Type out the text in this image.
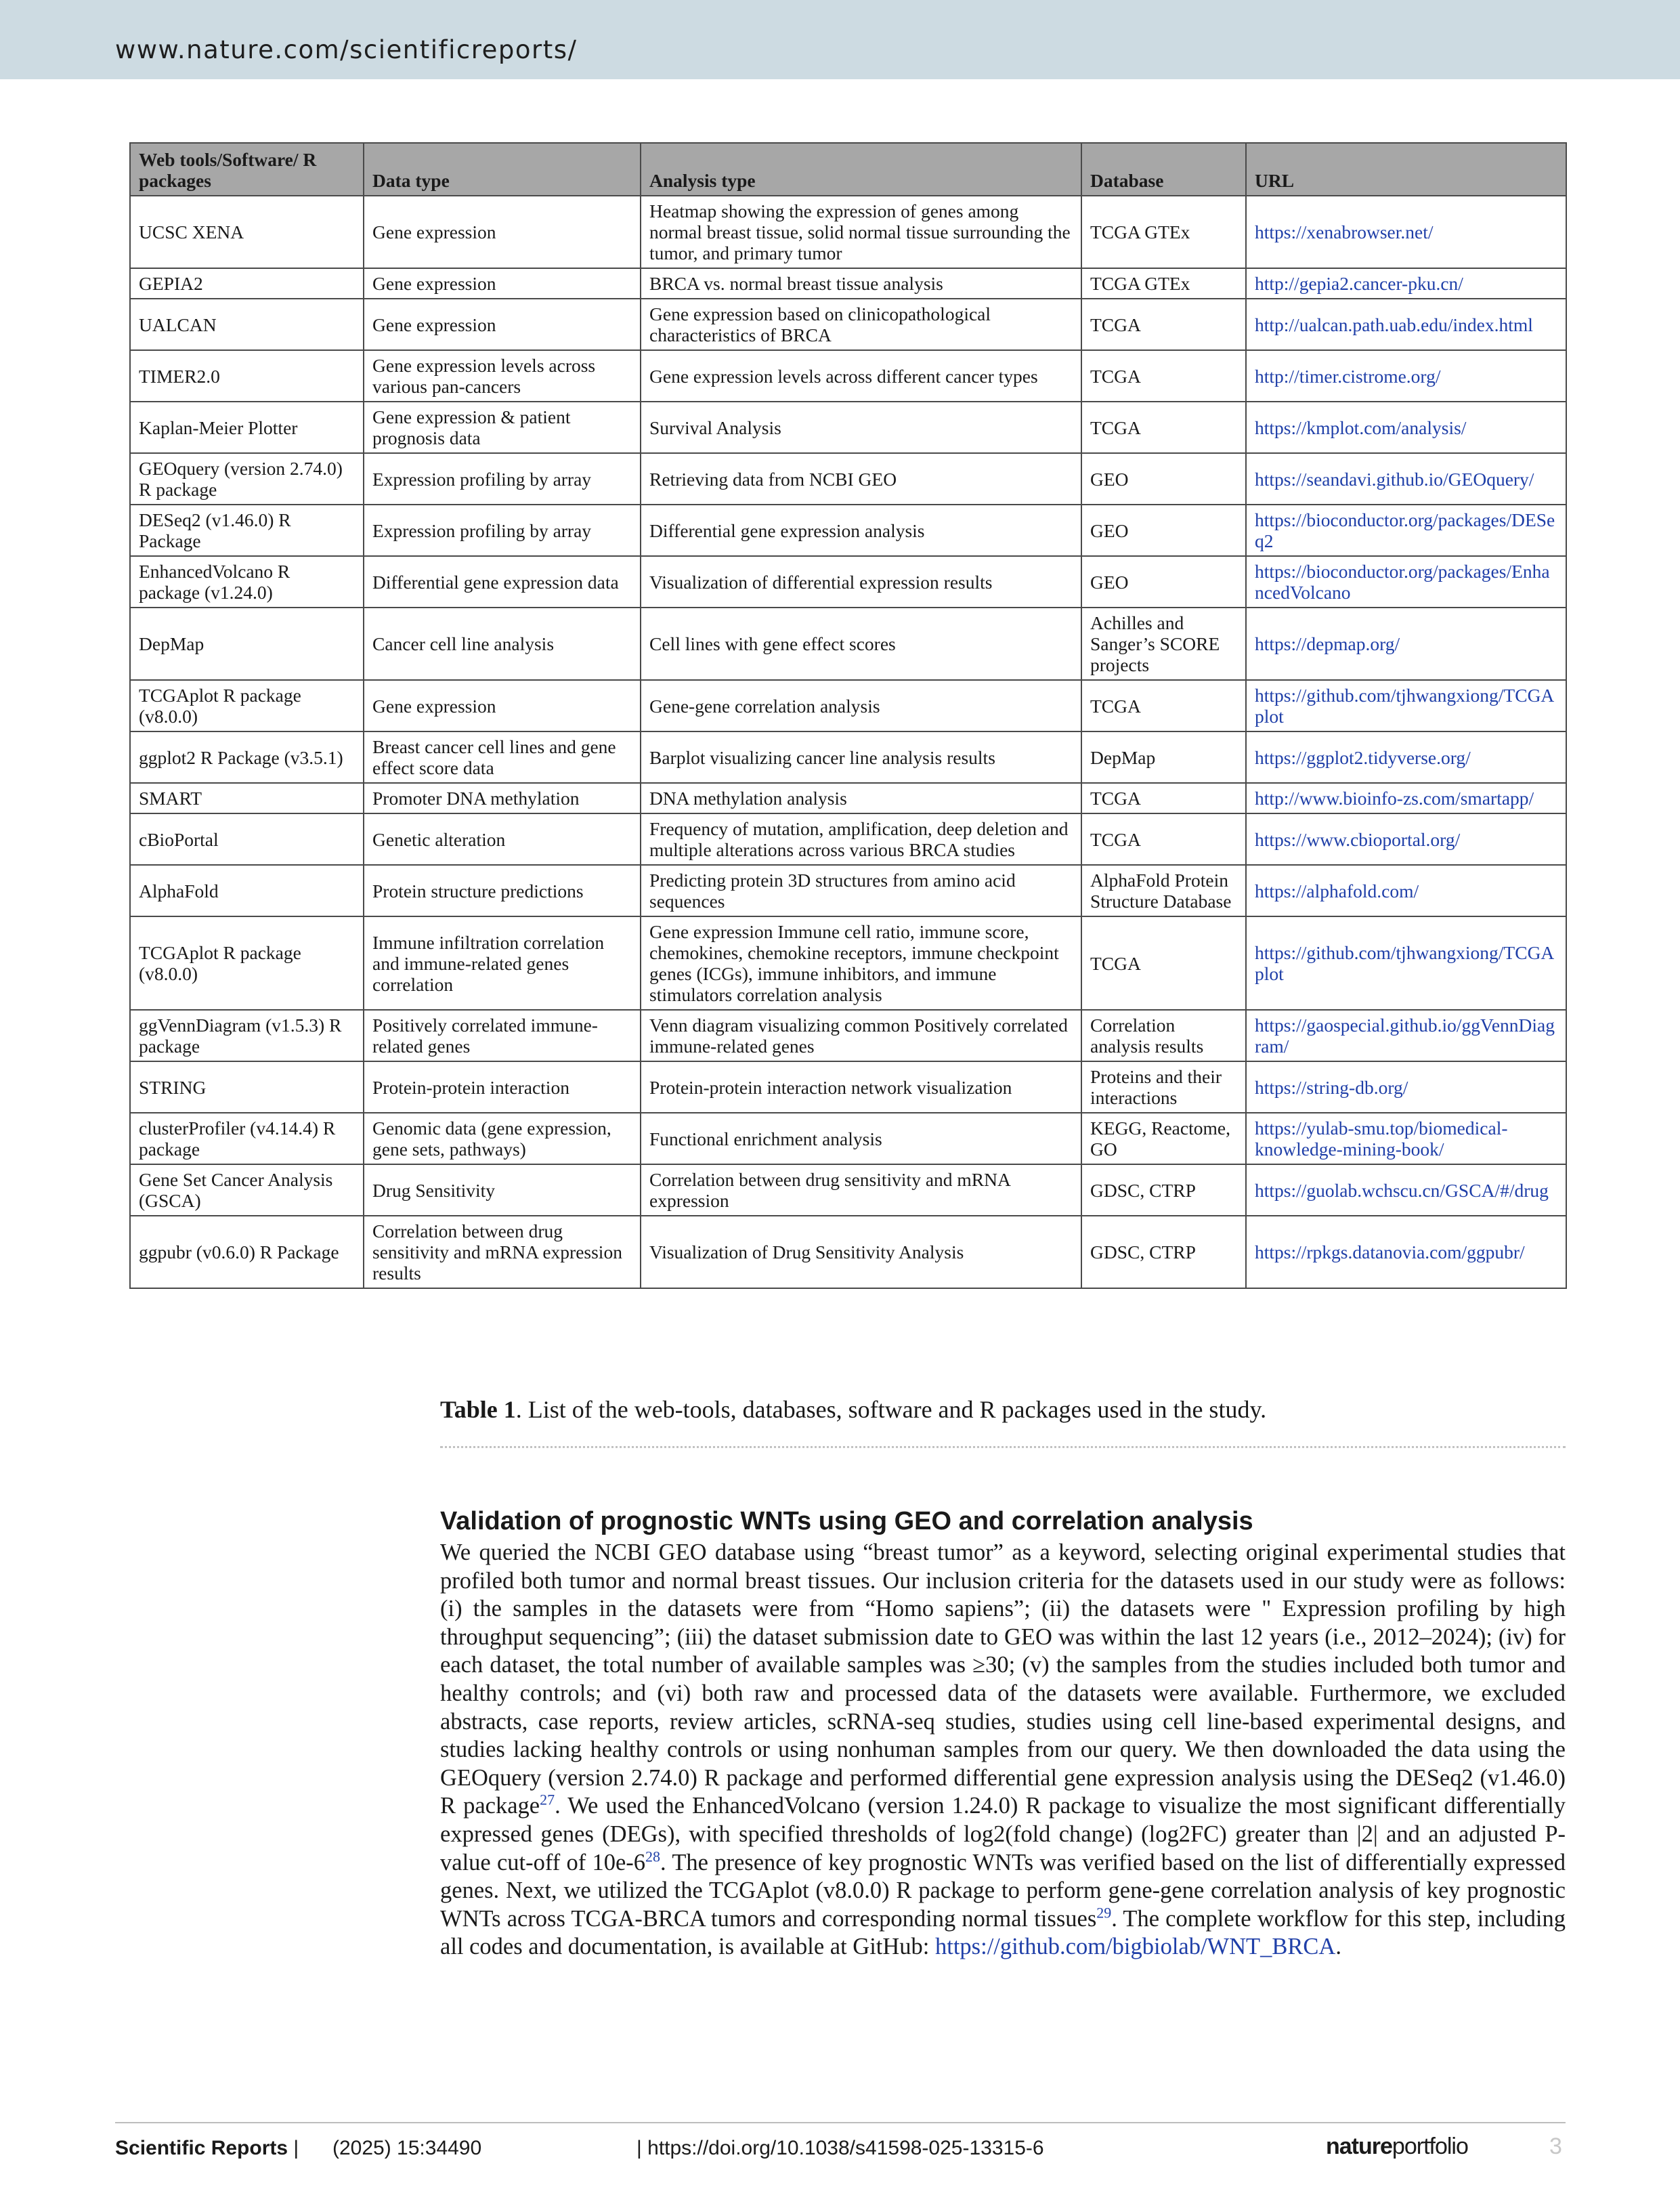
www.nature.com/scientificreports/
Web tools/Software/ R packages	Data type	Analysis type	Database	URL
UCSC XENA	Gene expression	Heatmap showing the expression of genes among normal breast tissue, solid normal tissue surrounding the tumor, and primary tumor	TCGA GTEx	https://xenabrowser.net/
GEPIA2	Gene expression	BRCA vs. normal breast tissue analysis	TCGA GTEx	http://gepia2.cancer-pku.cn/
UALCAN	Gene expression	Gene expression based on clinicopathological characteristics of BRCA	TCGA	http://ualcan.path.uab.edu/index.html
TIMER2.0	Gene expression levels across various pan-cancers	Gene expression levels across different cancer types	TCGA	http://timer.cistrome.org/
Kaplan-Meier Plotter	Gene expression & patient prognosis data	Survival Analysis	TCGA	https://kmplot.com/analysis/
GEOquery (version 2.74.0) R package	Expression profiling by array	Retrieving data from NCBI GEO	GEO	https://seandavi.github.io/GEOquery/
DESeq2 (v1.46.0) R Package	Expression profiling by array	Differential gene expression analysis	GEO	https://bioconductor.org/packages/DESeq2
EnhancedVolcano R package (v1.24.0)	Differential gene expression data	Visualization of differential expression results	GEO	https://bioconductor.org/packages/EnhancedVolcano
DepMap	Cancer cell line analysis	Cell lines with gene effect scores	Achilles and Sanger’s SCORE projects	https://depmap.org/
TCGAplot R package (v8.0.0)	Gene expression	Gene-gene correlation analysis	TCGA	https://github.com/tjhwangxiong/TCGAplot
ggplot2 R Package (v3.5.1)	Breast cancer cell lines and gene effect score data	Barplot visualizing cancer line analysis results	DepMap	https://ggplot2.tidyverse.org/
SMART	Promoter DNA methylation	DNA methylation analysis	TCGA	http://www.bioinfo-zs.com/smartapp/
cBioPortal	Genetic alteration	Frequency of mutation, amplification, deep deletion and multiple alterations across various BRCA studies	TCGA	https://www.cbioportal.org/
AlphaFold	Protein structure predictions	Predicting protein 3D structures from amino acid sequences	AlphaFold Protein Structure Database	https://alphafold.com/
TCGAplot R package (v8.0.0)	Immune infiltration correlation and immune-related genes correlation	Gene expression Immune cell ratio, immune score, chemokines, chemokine receptors, immune checkpoint genes (ICGs), immune inhibitors, and immune stimulators correlation analysis	TCGA	https://github.com/tjhwangxiong/TCGAplot
ggVennDiagram (v1.5.3) R package	Positively correlated immune-related genes	Venn diagram visualizing common Positively correlated immune-related genes	Correlation analysis results	https://gaospecial.github.io/ggVennDiagram/
STRING	Protein-protein interaction	Protein-protein interaction network visualization	Proteins and their interactions	https://string-db.org/
clusterProfiler (v4.14.4) R package	Genomic data (gene expression, gene sets, pathways)	Functional enrichment analysis	KEGG, Reactome, GO	https://yulab-smu.top/biomedical-knowledge-mining-book/
Gene Set Cancer Analysis (GSCA)	Drug Sensitivity	Correlation between drug sensitivity and mRNA expression	GDSC, CTRP	https://guolab.wchscu.cn/GSCA/#/drug
ggpubr (v0.6.0) R Package	Correlation between drug sensitivity and mRNA expression results	Visualization of Drug Sensitivity Analysis	GDSC, CTRP	https://rpkgs.datanovia.com/ggpubr/
Table 1. List of the web-tools, databases, software and R packages used in the study.
Validation of prognostic WNTs using GEO and correlation analysis
We queried the NCBI GEO database using “breast tumor” as a keyword, selecting original experimental studies that profiled both tumor and normal breast tissues. Our inclusion criteria for the datasets used in our study were as follows: (i) the samples in the datasets were from “Homo sapiens”; (ii) the datasets were " Expression profiling by high throughput sequencing”; (iii) the dataset submission date to GEO was within the last 12 years (i.e., 2012–2024); (iv) for each dataset, the total number of available samples was ≥30; (v) the samples from the studies included both tumor and healthy controls; and (vi) both raw and processed data of the datasets were available. Furthermore, we excluded abstracts, case reports, review articles, scRNA-seq studies, studies using cell line-based experimental designs, and studies lacking healthy controls or using nonhuman samples from our query. We then downloaded the data using the GEOquery (version 2.74.0) R package and performed differential gene expression analysis using the DESeq2 (v1.46.0) R package$^{27}$. We used the EnhancedVolcano (version 1.24.0) R package to visualize the most significant differentially expressed genes (DEGs), with specified thresholds of log2(fold change) (log2FC) greater than |2| and an adjusted P-value cut-off of $10e-6^{28}$. The presence of key prognostic WNTs was verified based on the list of differentially expressed genes. Next, we utilized the TCGAplot (v8.0.0) R package to perform gene-gene correlation analysis of key prognostic WNTs across TCGA-BRCA tumors and corresponding normal tissues$^{29}$. The complete workflow for this step, including all codes and documentation, is available at GitHub: https://github.com/bigbiolab/WNT_BRCA.
Scientific Reports | (2025) 15:34490	| https://doi.org/10.1038/s41598-025-13315-6	natureportfolio	3
